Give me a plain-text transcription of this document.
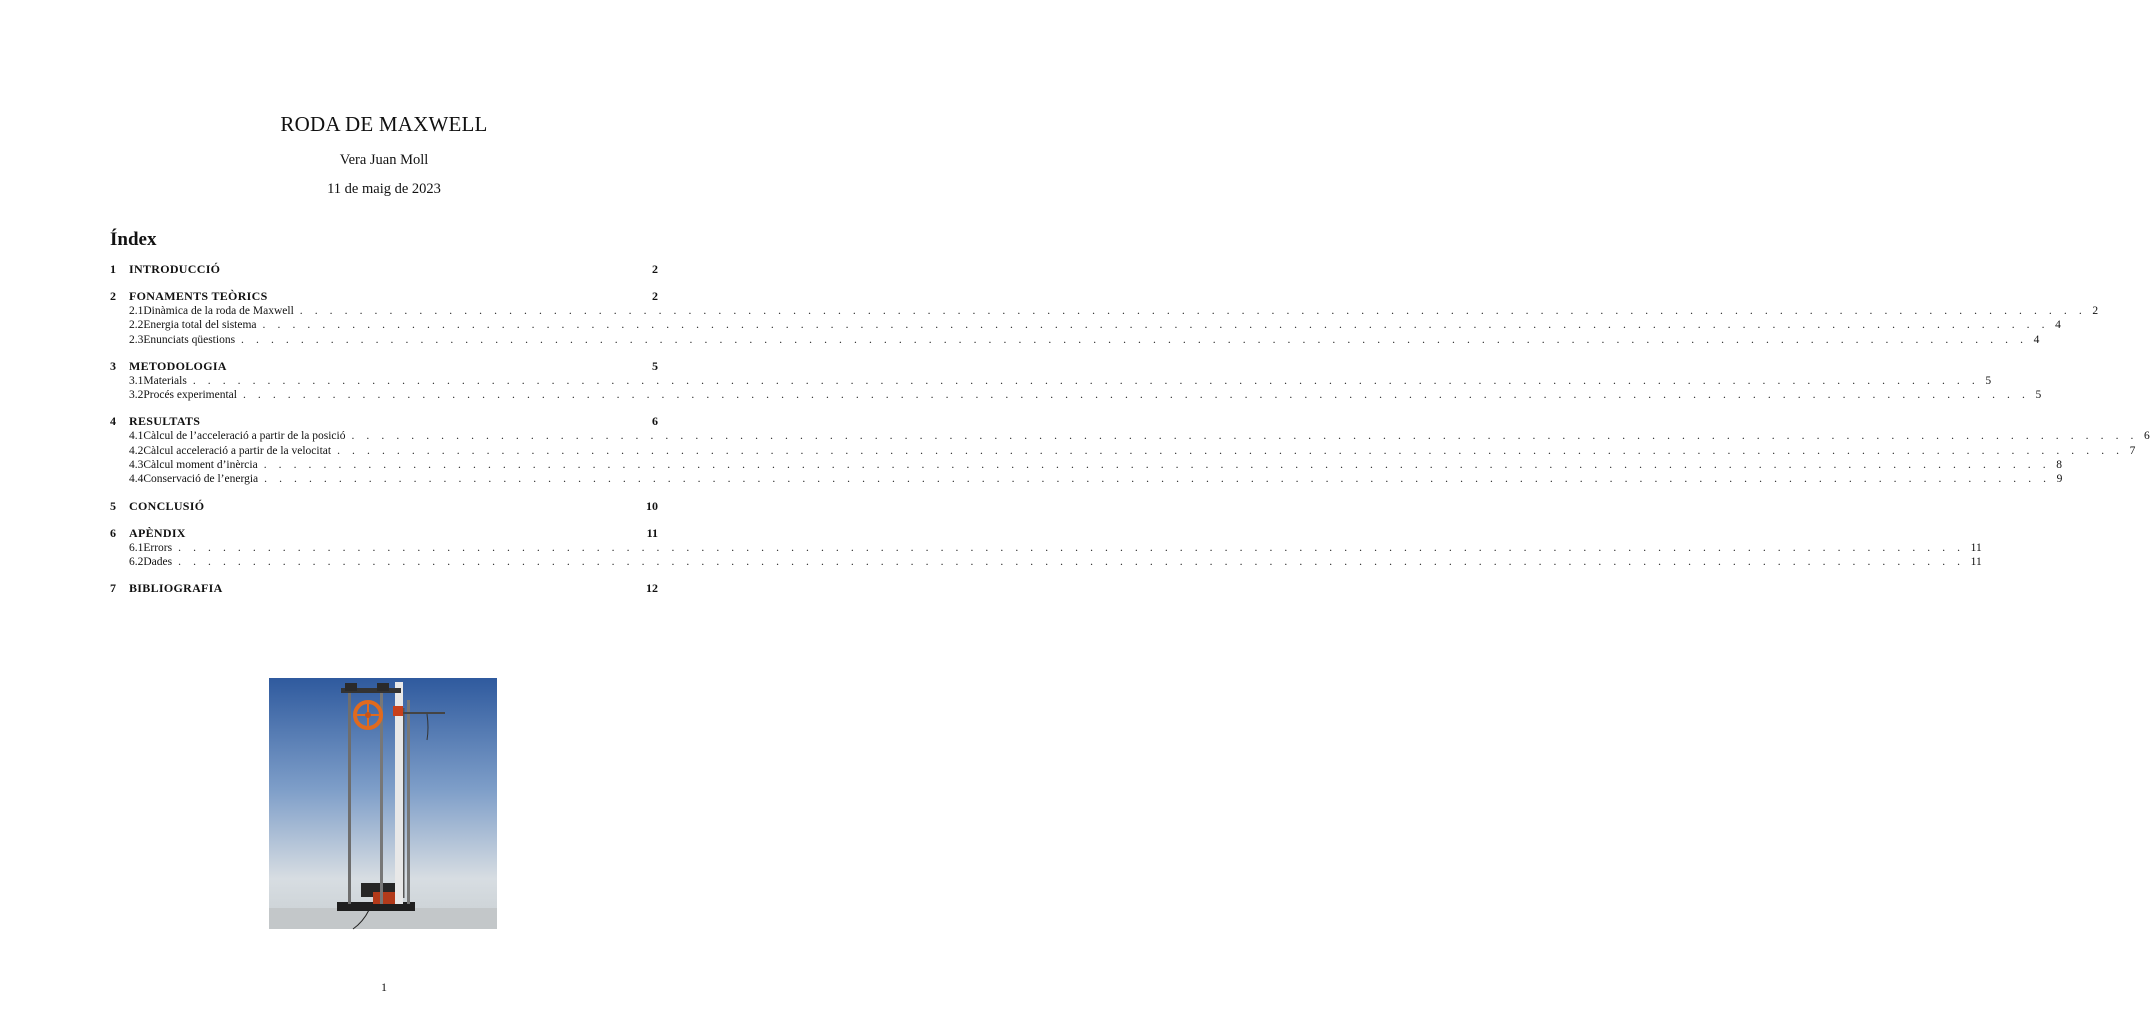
RODA DE MAXWELL
Vera Juan Moll
11 de maig de 2023
Índex
1	INTRODUCCIÓ	2
2	FONAMENTS TEÒRICS	2
2.1 Dinàmica de la roda de Maxwell . . . . . . . . . . . . . . . . . . . . . . . . . . . . . . . . . . . . . . . . . . . . . . . . . . . . . . . . . . . . . . . . . . . . . . . . . . . . . . . . . . . . . . . . . . . . . . . . . . . . . . . . . . . . . . . . . . . . . . . . 2
2.2 Energia total del sistema . . . . . . . . . . . . . . . . . . . . . . . . . . . . . . . . . . . . . . . . . . . . . . . . . . . . . . . . . . . . . . . . . . . . . . . . . . . . . . . . . . . . . . . . . . . . . . . . . . . . . . . . . . . . . . . . . . . . . . . . 4
2.3 Enunciats qüestions . . . . . . . . . . . . . . . . . . . . . . . . . . . . . . . . . . . . . . . . . . . . . . . . . . . . . . . . . . . . . . . . . . . . . . . . . . . . . . . . . . . . . . . . . . . . . . . . . . . . . . . . . . . . . . . . . . . . . . . . 4
3	METODOLOGIA	5
3.1 Materials . . . . . . . . . . . . . . . . . . . . . . . . . . . . . . . . . . . . . . . . . . . . . . . . . . . . . . . . . . . . . . . . . . . . . . . . . . . . . . . . . . . . . . . . . . . . . . . . . . . . . . . . . . . . . . . . . . . . . . . . 5
3.2 Procés experimental . . . . . . . . . . . . . . . . . . . . . . . . . . . . . . . . . . . . . . . . . . . . . . . . . . . . . . . . . . . . . . . . . . . . . . . . . . . . . . . . . . . . . . . . . . . . . . . . . . . . . . . . . . . . . . . . . . . . . . . . 5
4	RESULTATS	6
4.1 Càlcul de l’acceleració a partir de la posició . . . . . . . . . . . . . . . . . . . . . . . . . . . . . . . . . . . . . . . . . . . . . . . . . . . . . . . . . . . . . . . . . . . . . . . . . . . . . . . . . . . . . . . . . . . . . . . . . . . . . . . . . . . . . . . . . . . . . . . . 6
4.2 Càlcul acceleració a partir de la velocitat . . . . . . . . . . . . . . . . . . . . . . . . . . . . . . . . . . . . . . . . . . . . . . . . . . . . . . . . . . . . . . . . . . . . . . . . . . . . . . . . . . . . . . . . . . . . . . . . . . . . . . . . . . . . . . . . . . . . . . . . 7
4.3 Càlcul moment d’inèrcia . . . . . . . . . . . . . . . . . . . . . . . . . . . . . . . . . . . . . . . . . . . . . . . . . . . . . . . . . . . . . . . . . . . . . . . . . . . . . . . . . . . . . . . . . . . . . . . . . . . . . . . . . . . . . . . . . . . . . . . . 8
4.4 Conservació de l’energia . . . . . . . . . . . . . . . . . . . . . . . . . . . . . . . . . . . . . . . . . . . . . . . . . . . . . . . . . . . . . . . . . . . . . . . . . . . . . . . . . . . . . . . . . . . . . . . . . . . . . . . . . . . . . . . . . . . . . . . . 9
5	CONCLUSIÓ	10
6	APÈNDIX	11
6.1 Errors . . . . . . . . . . . . . . . . . . . . . . . . . . . . . . . . . . . . . . . . . . . . . . . . . . . . . . . . . . . . . . . . . . . . . . . . . . . . . . . . . . . . . . . . . . . . . . . . . . . . . . . . . . . . . . . . . . . . . . . . 11
6.2 Dades . . . . . . . . . . . . . . . . . . . . . . . . . . . . . . . . . . . . . . . . . . . . . . . . . . . . . . . . . . . . . . . . . . . . . . . . . . . . . . . . . . . . . . . . . . . . . . . . . . . . . . . . . . . . . . . . . . . . . . . . 11
7	BIBLIOGRAFIA	12
1
